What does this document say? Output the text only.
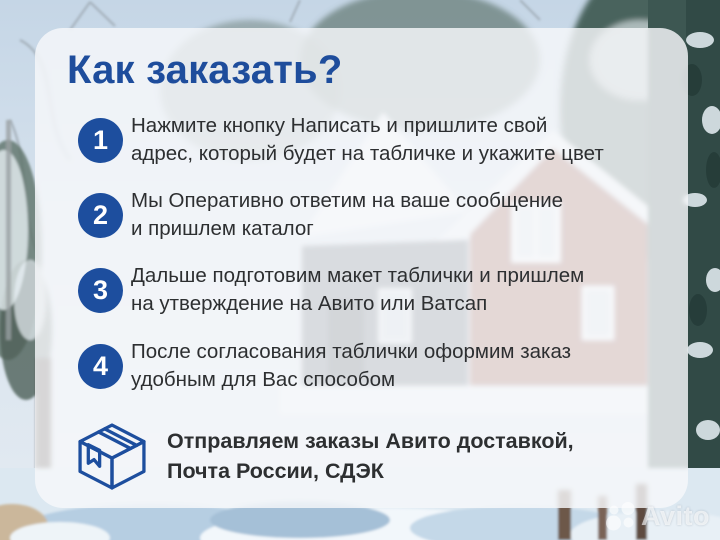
Как заказать?
1	Нажмите кнопку Написать и пришлите свой
адрес, который будет на табличке и укажите цвет
2	Мы Оперативно ответим на ваше сообщение
и пришлем каталог
3	Дальше подготовим макет таблички и пришлем
на утверждение на Авито или Ватсап
4	После согласования таблички оформим заказ
удобным для Вас способом
Отправляем заказы Авито доставкой,
Почта России, СДЭК
Avito
